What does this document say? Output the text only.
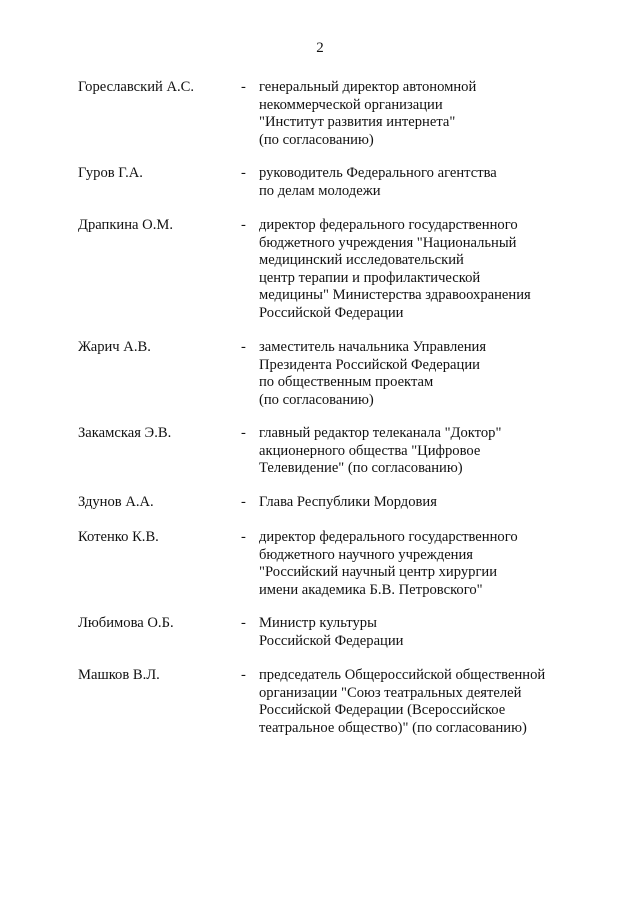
2
Гореславский А.С.	- генеральный директор автономной
некоммерческой организации
"Институт развития интернета"
(по согласованию)
Гуров Г.А.	- руководитель Федерального агентства
по делам молодежи
Драпкина О.М.	- директор федерального государственного
бюджетного учреждения "Национальный
медицинский исследовательский
центр терапии и профилактической
медицины" Министерства здравоохранения
Российской Федерации
Жарич А.В.	- заместитель начальника Управления
Президента Российской Федерации
по общественным проектам
(по согласованию)
Закамская Э.В.	- главный редактор телеканала "Доктор"
акционерного общества "Цифровое
Телевидение" (по согласованию)
Здунов А.А.	- Глава Республики Мордовия
Котенко К.В.	- директор федерального государственного
бюджетного научного учреждения
"Российский научный центр хирургии
имени академика Б.В. Петровского"
Любимова О.Б.	- Министр культуры
Российской Федерации
Машков В.Л.	- председатель Общероссийской общественной
организации "Союз театральных деятелей
Российской Федерации (Всероссийское
театральное общество)" (по согласованию)
